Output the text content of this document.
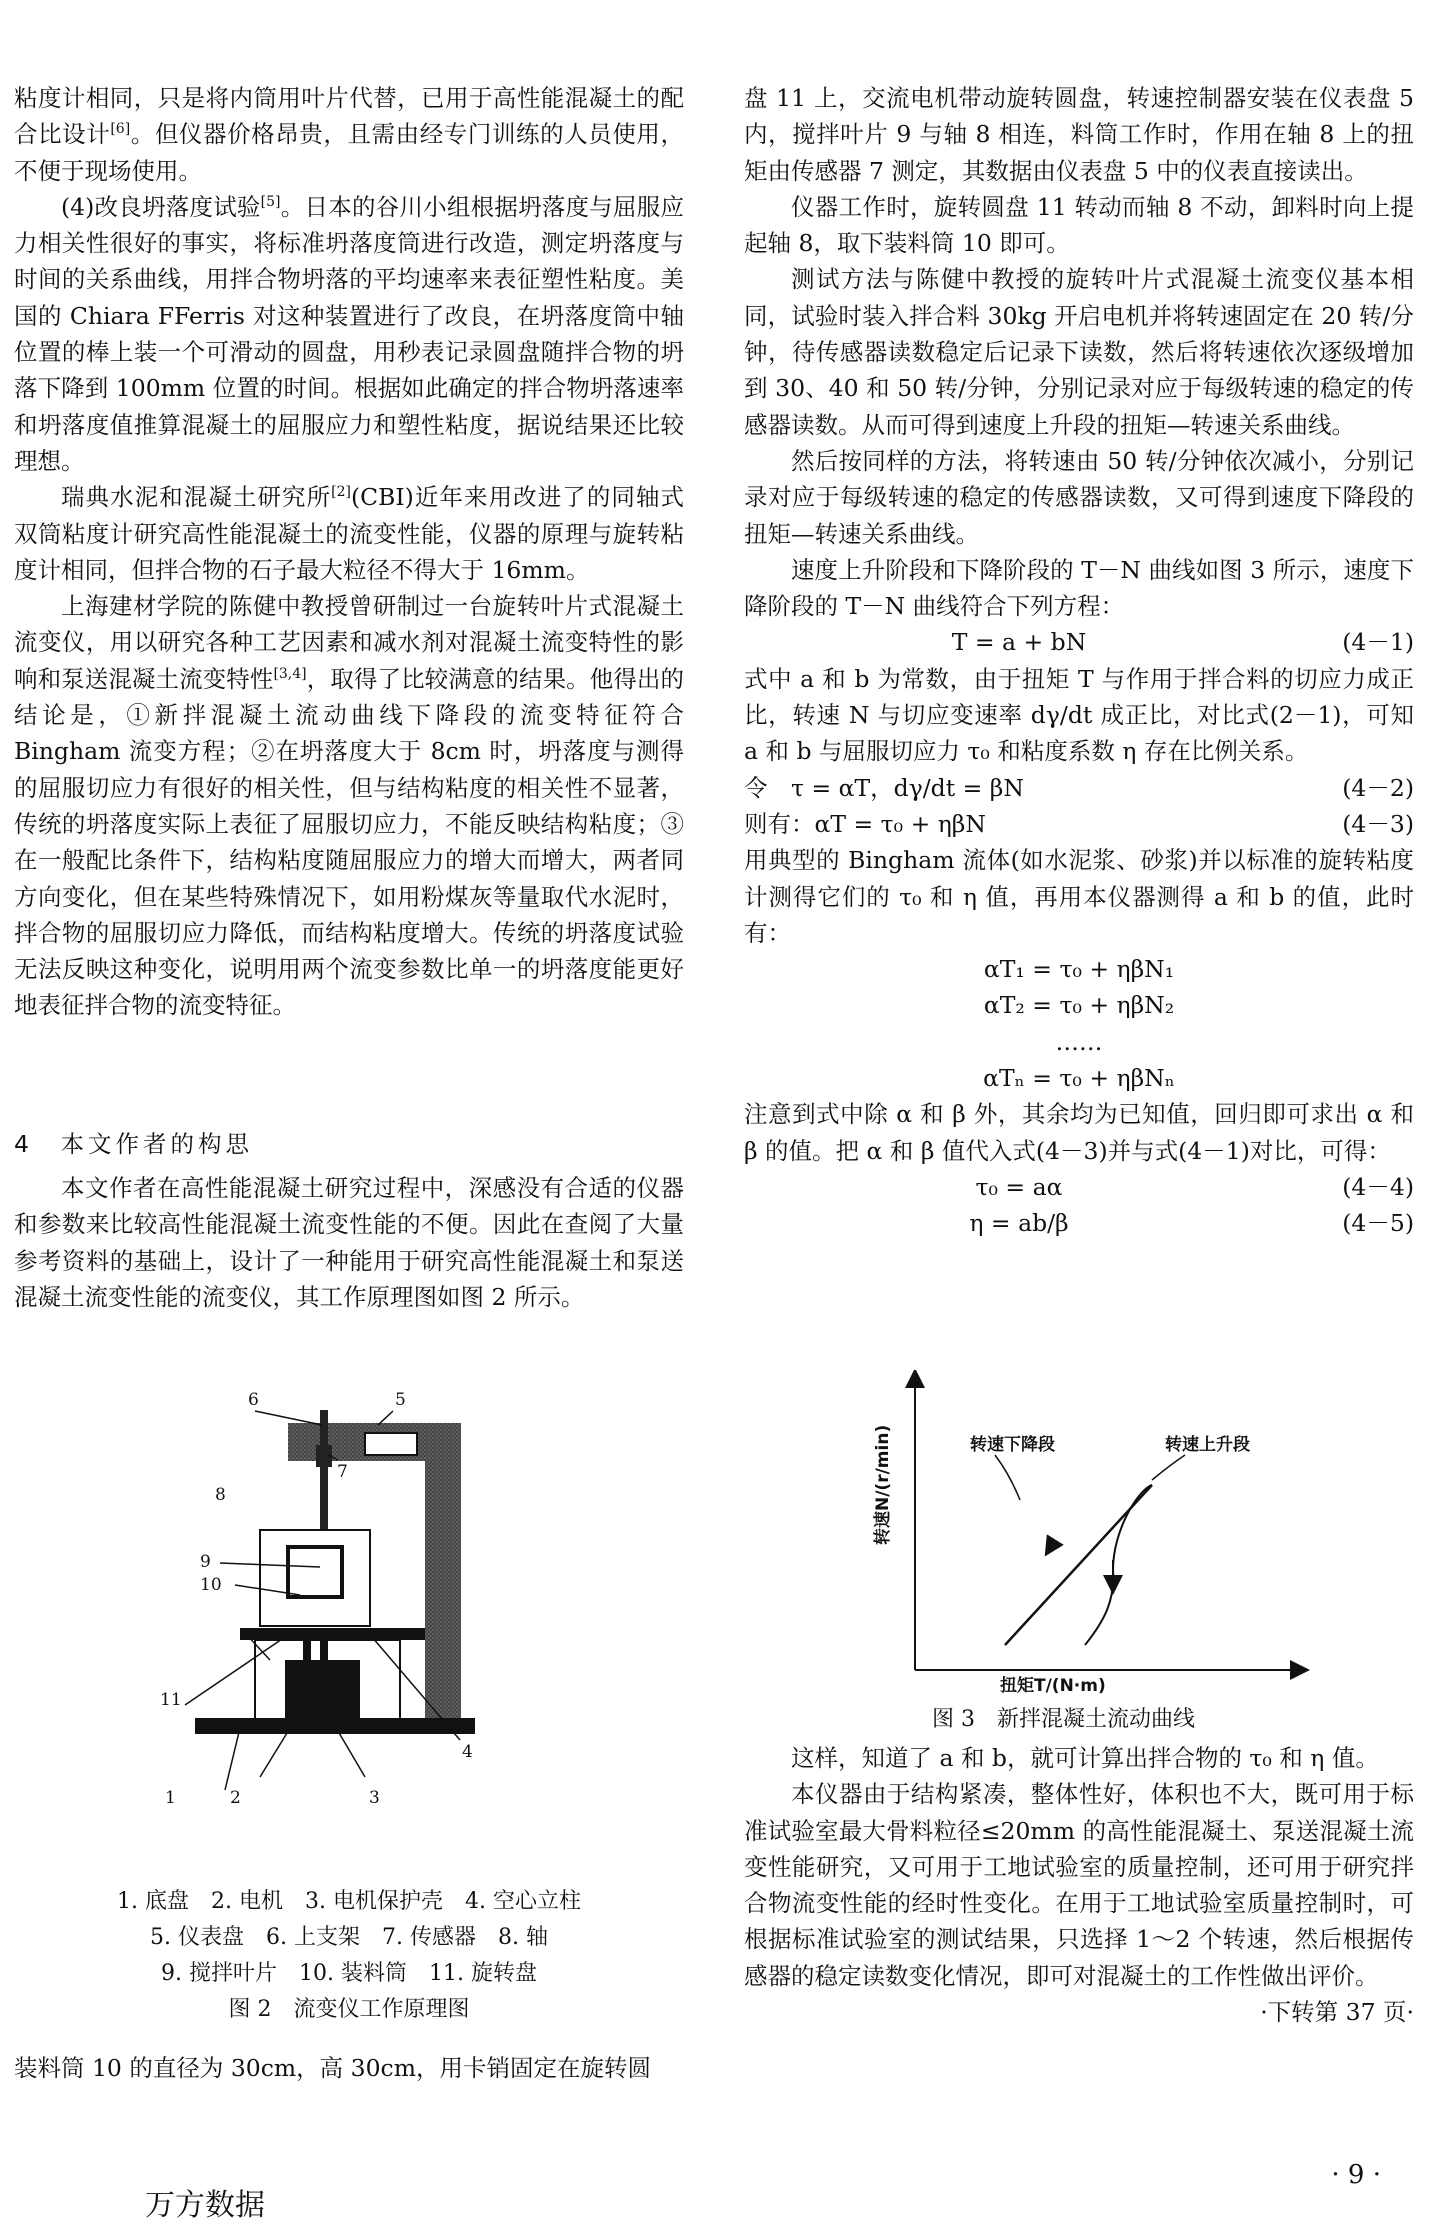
粘度计相同，只是将内筒用叶片代替，已用于高性能混凝土的配合比设计[6]。但仪器价格昂贵，且需由经专门训练的人员使用，不便于现场使用。

(4)改良坍落度试验[5]。日本的谷川小组根据坍落度与屈服应力相关性很好的事实，将标准坍落度筒进行改造，测定坍落度与时间的关系曲线，用拌合物坍落的平均速率来表征塑性粘度。美国的 Chiara FFerris 对这种装置进行了改良，在坍落度筒中轴位置的棒上装一个可滑动的圆盘，用秒表记录圆盘随拌合物的坍落下降到 100mm 位置的时间。根据如此确定的拌合物坍落速率和坍落度值推算混凝土的屈服应力和塑性粘度，据说结果还比较理想。

瑞典水泥和混凝土研究所[2](CBI)近年来用改进了的同轴式双筒粘度计研究高性能混凝土的流变性能，仪器的原理与旋转粘度计相同，但拌合物的石子最大粒径不得大于 16mm。

上海建材学院的陈健中教授曾研制过一台旋转叶片式混凝土流变仪，用以研究各种工艺因素和减水剂对混凝土流变特性的影响和泵送混凝土流变特性[3,4]，取得了比较满意的结果。他得出的结论是，①新拌混凝土流动曲线下降段的流变特征符合 Bingham 流变方程；②在坍落度大于 8cm 时，坍落度与测得的屈服切应力有很好的相关性，但与结构粘度的相关性不显著，传统的坍落度实际上表征了屈服切应力，不能反映结构粘度；③在一般配比条件下，结构粘度随屈服应力的增大而增大，两者同方向变化，但在某些特殊情况下，如用粉煤灰等量取代水泥时，拌合物的屈服切应力降低，而结构粘度增大。传统的坍落度试验无法反映这种变化，说明用两个流变参数比单一的坍落度能更好地表征拌合物的流变特征。

4　本文作者的构思

本文作者在高性能混凝土研究过程中，深感没有合适的仪器和参数来比较高性能混凝土流变性能的不便。因此在查阅了大量参考资料的基础上，设计了一种能用于研究高性能混凝土和泵送混凝土流变性能的流变仪，其工作原理图如图 2 所示。

6	5
7
8
9
10
11
4
1	2	3
1. 底盘　2. 电机　3. 电机保护壳　4. 空心立柱
5. 仪表盘　6. 上支架　7. 传感器　8. 轴
9. 搅拌叶片　10. 装料筒　11. 旋转盘
图 2　流变仪工作原理图
装料筒 10 的直径为 30cm，高 30cm，用卡销固定在旋转圆

盘 11 上，交流电机带动旋转圆盘，转速控制器安装在仪表盘 5 内，搅拌叶片 9 与轴 8 相连，料筒工作时，作用在轴 8 上的扭矩由传感器 7 测定，其数据由仪表盘 5 中的仪表直接读出。

仪器工作时，旋转圆盘 11 转动而轴 8 不动，卸料时向上提起轴 8，取下装料筒 10 即可。

测试方法与陈健中教授的旋转叶片式混凝土流变仪基本相同，试验时装入拌合料 30kg 开启电机并将转速固定在 20 转/分钟，待传感器读数稳定后记录下读数，然后将转速依次逐级增加到 30、40 和 50 转/分钟，分别记录对应于每级转速的稳定的传感器读数。从而可得到速度上升段的扭矩—转速关系曲线。

然后按同样的方法，将转速由 50 转/分钟依次减小，分别记录对应于每级转速的稳定的传感器读数，又可得到速度下降段的扭矩—转速关系曲线。

速度上升阶段和下降阶段的 T－N 曲线如图 3 所示，速度下降阶段的 T－N 曲线符合下列方程：

T = a + bN	(4－1)

式中 a 和 b 为常数，由于扭矩 T 与作用于拌合料的切应力成正比，转速 N 与切应变速率 dγ/dt 成正比，对比式(2－1)，可知 a 和 b 与屈服切应力 τ₀ 和粘度系数 η 存在比例关系。

令　τ = αT，dγ/dt = βN	(4－2)
则有：αT = τ₀ + ηβN	(4－3)

用典型的 Bingham 流体(如水泥浆、砂浆)并以标准的旋转粘度计测得它们的 τ₀ 和 η 值，再用本仪器测得 a 和 b 的值，此时有：

αT₁ = τ₀ + ηβN₁
αT₂ = τ₀ + ηβN₂
……
αTₙ = τ₀ + ηβNₙ

注意到式中除 α 和 β 外，其余均为已知值，回归即可求出 α 和 β 的值。把 α 和 β 值代入式(4－3)并与式(4－1)对比，可得：

τ₀ = aα	(4－4)
η = ab/β	(4－5)
转速N/(r/min)
扭矩T/(N·m)
转速下降段	转速上升段
图 3　新拌混凝土流动曲线

这样，知道了 a 和 b，就可计算出拌合物的 τ₀ 和 η 值。

本仪器由于结构紧凑，整体性好，体积也不大，既可用于标准试验室最大骨料粒径≤20mm 的高性能混凝土、泵送混凝土流变性能研究，又可用于工地试验室的质量控制，还可用于研究拌合物流变性能的经时性变化。在用于工地试验室质量控制时，可根据标准试验室的测试结果，只选择 1～2 个转速，然后根据传感器的稳定读数变化情况，即可对混凝土的工作性做出评价。

·下转第 37 页·
· 9 ·
万方数据
